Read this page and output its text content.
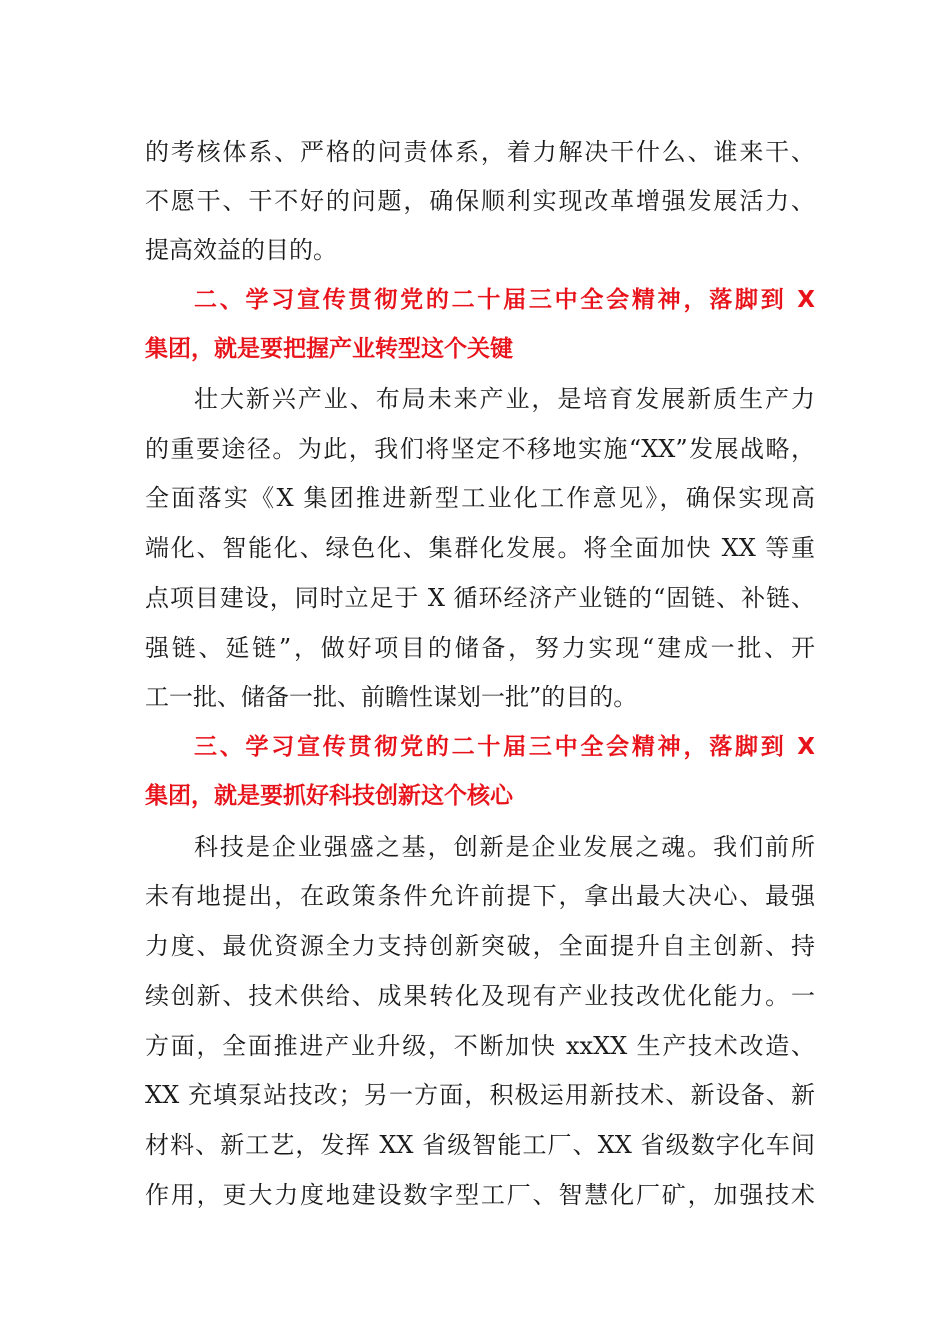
的考核体系、严格的问责体系，着力解决干什么、谁来干、
不愿干、干不好的问题，确保顺利实现改革增强发展活力、
提高效益的目的。
二、学习宣传贯彻党的二十届三中全会精神，落脚到 X
集团，就是要把握产业转型这个关键
壮大新兴产业、布局未来产业，是培育发展新质生产力
的重要途径。为此，我们将坚定不移地实施“XX”发展战略，
全面落实《X 集团推进新型工业化工作意见》，确保实现高
端化、智能化、绿色化、集群化发展。将全面加快 XX 等重
点项目建设，同时立足于 X 循环经济产业链的“固链、补链、
强链、延链”，做好项目的储备，努力实现“建成一批、开
工一批、储备一批、前瞻性谋划一批”的目的。
三、学习宣传贯彻党的二十届三中全会精神，落脚到 X
集团，就是要抓好科技创新这个核心
科技是企业强盛之基，创新是企业发展之魂。我们前所
未有地提出，在政策条件允许前提下，拿出最大决心、最强
力度、最优资源全力支持创新突破，全面提升自主创新、持
续创新、技术供给、成果转化及现有产业技改优化能力。一
方面，全面推进产业升级，不断加快 xxXX 生产技术改造、
XX 充填泵站技改；另一方面，积极运用新技术、新设备、新
材料、新工艺，发挥 XX 省级智能工厂、XX 省级数字化车间
作用，更大力度地建设数字型工厂、智慧化厂矿，加强技术
